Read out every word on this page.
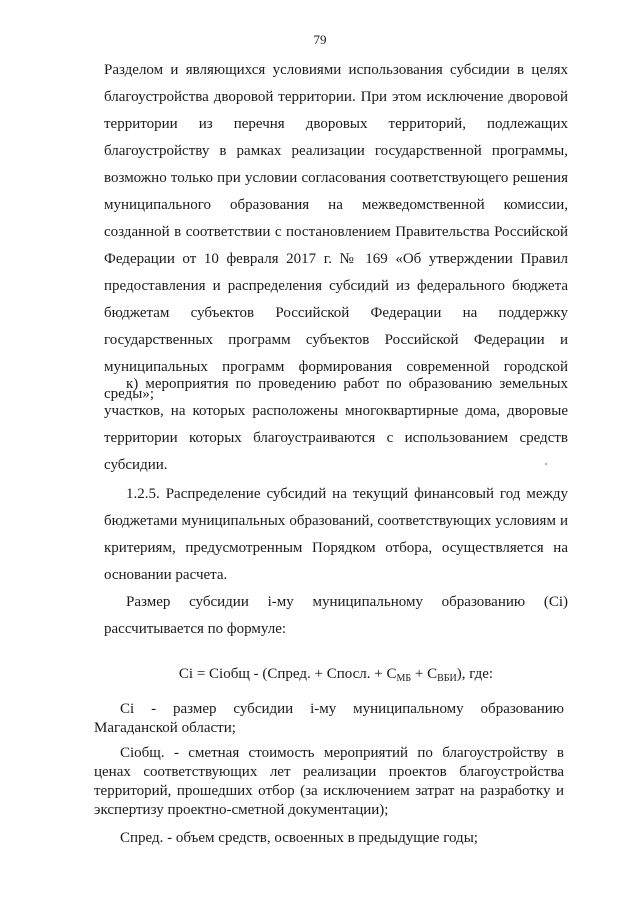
79

Разделом и являющихся условиями использования субсидии в целях благоустройства дворовой территории. При этом исключение дворовой территории из перечня дворовых территорий, подлежащих благоустройству в рамках реализации государственной программы, возможно только при условии согласования соответствующего решения муниципального образования на межведомственной комиссии, созданной в соответствии с постановлением Правительства Российской Федерации от 10 февраля 2017 г. № 169 «Об утверждении Правил предоставления и распределения субсидий из федерального бюджета бюджетам субъектов Российской Федерации на поддержку государственных программ субъектов Российской Федерации и муниципальных программ формирования современной городской среды»;

к) мероприятия по проведению работ по образованию земельных участков, на которых расположены многоквартирные дома, дворовые территории которых благоустраиваются с использованием средств субсидии.

1.2.5. Распределение субсидий на текущий финансовый год между бюджетами муниципальных образований, соответствующих условиям и критериям, предусмотренным Порядком отбора, осуществляется на основании расчета.

Размер субсидии i-му муниципальному образованию (Ci) рассчитывается по формуле:

Ci = Ciобщ - (Cпред. + Cпосл. + $C_{МБ} + C_{ВБИ}$), где:

Ci - размер субсидии i-му муниципальному образованию Магаданской области;

Ciобщ. - сметная стоимость мероприятий по благоустройству в ценах соответствующих лет реализации проектов благоустройства территорий, прошедших отбор (за исключением затрат на разработку и экспертизу проектно-сметной документации);

Cпред. - объем средств, освоенных в предыдущие годы;
